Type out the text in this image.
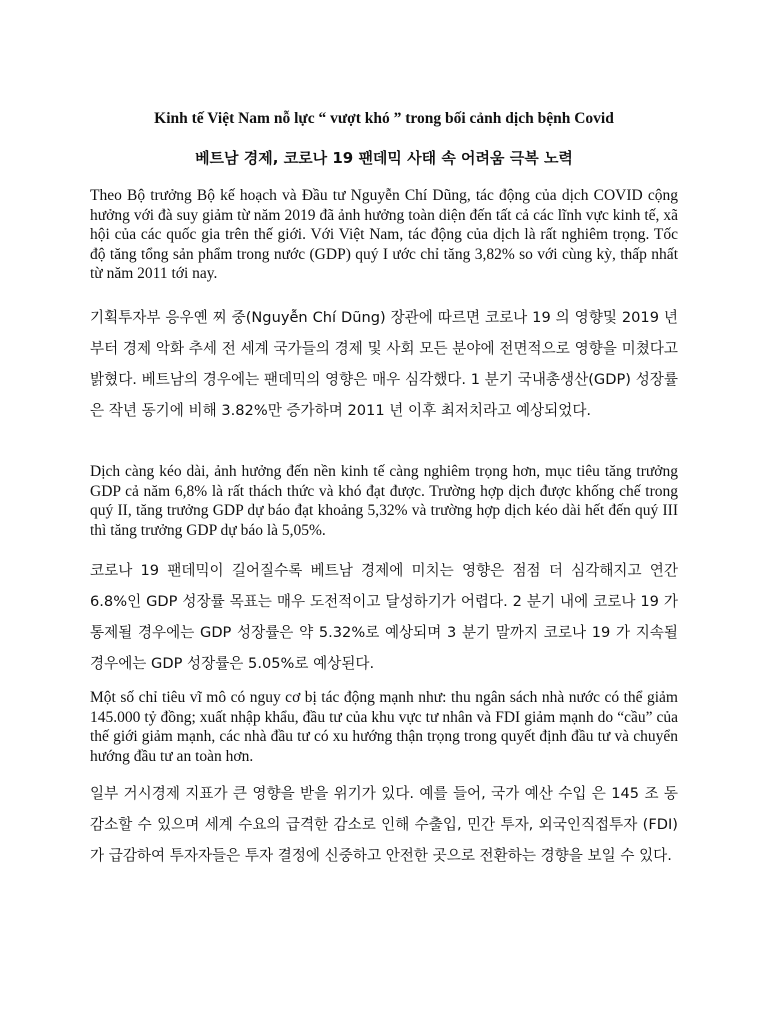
Kinh tế Việt Nam nỗ lực “ vượt khó ” trong bối cảnh dịch bệnh Covid
베트남 경제, 코로나 19 팬데믹 사태 속 어려움 극복 노력

Theo Bộ trưởng Bộ kế hoạch và Đầu tư Nguyễn Chí Dũng, tác động của dịch COVID cộng hưởng với đà suy giảm từ năm 2019 đã ảnh hưởng toàn diện đến tất cả các lĩnh vực kinh tế, xã hội của các quốc gia trên thế giới. Với Việt Nam, tác động của dịch là rất nghiêm trọng. Tốc độ tăng tổng sản phẩm trong nước (GDP) quý I ước chỉ tăng 3,82% so với cùng kỳ, thấp nhất từ năm 2011 tới nay.

기획투자부 응우옌 찌 중(Nguyễn Chí Dũng) 장관에 따르면 코로나 19 의 영향및 2019 년부터 경제 악화 추세 전 세계 국가들의 경제 및 사회 모든 분야에 전면적으로 영향을 미쳤다고 밝혔다. 베트남의 경우에는 팬데믹의 영향은 매우 심각했다. 1 분기 국내총생산(GDP) 성장률은 작년 동기에 비해 3.82%만 증가하며 2011 년 이후 최저치라고 예상되었다.

Dịch càng kéo dài, ảnh hưởng đến nền kinh tế càng nghiêm trọng hơn, mục tiêu tăng trưởng GDP cả năm 6,8% là rất thách thức và khó đạt được. Trường hợp dịch được khống chế trong quý II, tăng trưởng GDP dự báo đạt khoảng 5,32% và trường hợp dịch kéo dài hết đến quý III thì tăng trưởng GDP dự báo là 5,05%.

코로나 19 팬데믹이 길어질수록 베트남 경제에 미치는 영향은 점점 더 심각해지고 연간 6.8%인 GDP 성장률 목표는 매우 도전적이고 달성하기가 어렵다. 2 분기 내에 코로나 19 가 통제될 경우에는 GDP 성장률은 약 5.32%로 예상되며 3 분기 말까지 코로나 19 가 지속될 경우에는 GDP 성장률은 5.05%로 예상된다.

Một số chỉ tiêu vĩ mô có nguy cơ bị tác động mạnh như: thu ngân sách nhà nước có thể giảm 145.000 tỷ đồng; xuất nhập khẩu, đầu tư của khu vực tư nhân và FDI giảm mạnh do “cầu” của thế giới giảm mạnh, các nhà đầu tư có xu hướng thận trọng trong quyết định đầu tư và chuyển hướng đầu tư an toàn hơn.

일부 거시경제 지표가 큰 영향을 받을 위기가 있다. 예를 들어, 국가 예산 수입 은 145 조 동 감소할 수 있으며 세계 수요의 급격한 감소로 인해 수출입, 민간 투자, 외국인직접투자 (FDI)가 급감하여 투자자들은 투자 결정에 신중하고 안전한 곳으로 전환하는 경향을 보일 수 있다.
